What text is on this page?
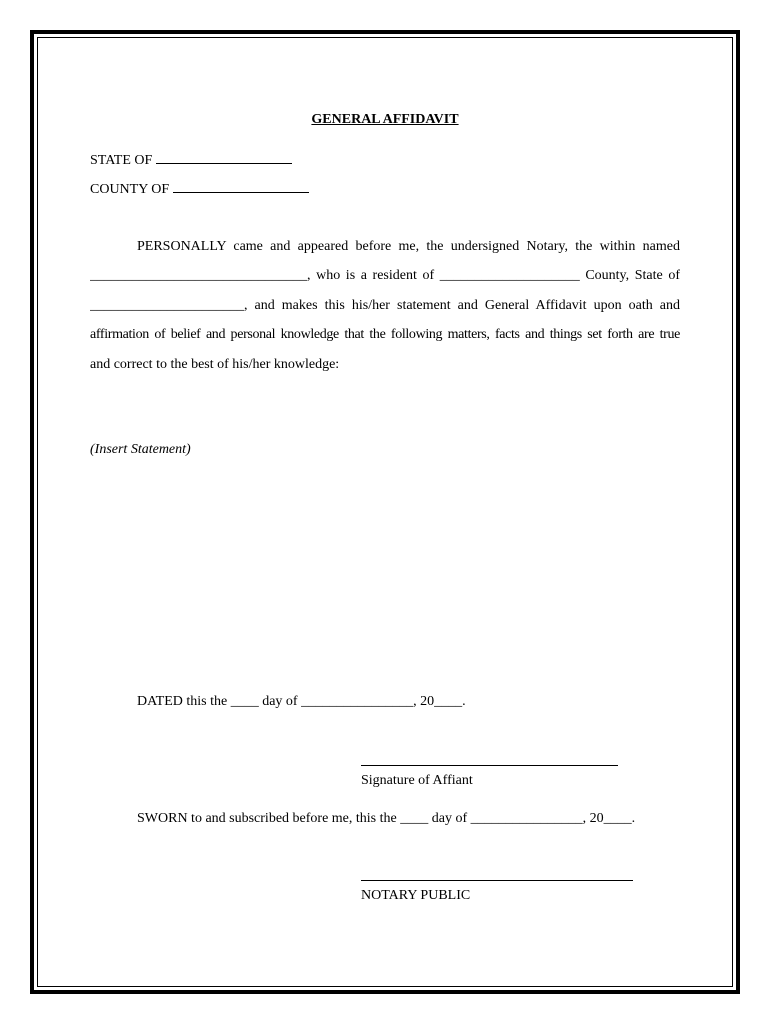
GENERAL AFFIDAVIT
STATE OF
COUNTY OF
PERSONALLY came and appeared before me, the undersigned Notary, the within named
_______________________________, who is a resident of ____________________ County, State of
______________________, and makes this his/her statement and General Affidavit upon oath and
affirmation of belief and personal knowledge that the following matters, facts and things set forth are true
and correct to the best of his/her knowledge:
(Insert Statement)
DATED this the ____ day of ________________, 20____.
Signature of Affiant
SWORN to and subscribed before me, this the ____ day of ________________, 20____.
NOTARY PUBLIC
